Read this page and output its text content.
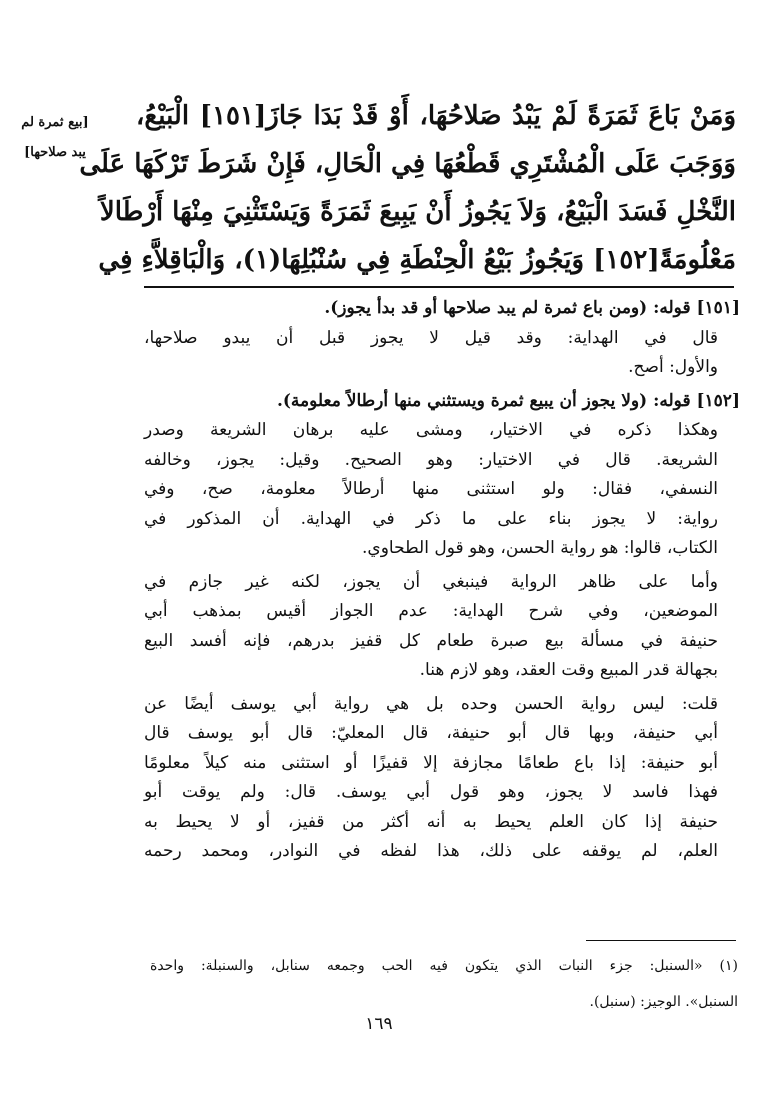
[بيع ثمرة لم
يبد صلاحها]
وَمَنْ بَاعَ ثَمَرَةً لَمْ يَبْدُ صَلاحُهَا، أَوْ قَدْ بَدَا جَازَ[١٥١] الْبَيْعُ،
وَوَجَبَ عَلَى الْمُشْتَرِي قَطْعُهَا فِي الْحَالِ، فَإِنْ شَرَطَ تَرْكَهَا عَلَى
النَّخْلِ فَسَدَ الْبَيْعُ، وَلاَ يَجُوزُ أَنْ يَبِيعَ ثَمَرَةً وَيَسْتَثْنِيَ مِنْهَا أَرْطَالاً
مَعْلُومَةً[١٥٢] وَيَجُوزُ بَيْعُ الْحِنْطَةِ فِي سُنْبُلِهَا(١)، وَالْبَاقِلاَّءِ فِي
[١٥١] قوله: (ومن باع ثمرة لم يبد صلاحها أو قد بدأ يجوز).
قال في الهداية: وقد قيل لا يجوز قبل أن يبدو صلاحها،
والأول: أصح.
[١٥٢] قوله: (ولا يجوز أن يبيع ثمرة ويستثني منها أرطالاً معلومة).
وهكذا ذكره في الاختيار، ومشى عليه برهان الشريعة وصدر
الشريعة. قال في الاختيار: وهو الصحيح. وقيل: يجوز، وخالفه
النسفي، فقال: ولو استثنى منها أرطالاً معلومة، صح، وفي
رواية: لا يجوز بناء على ما ذكر في الهداية. أن المذكور في
الكتاب، قالوا: هو رواية الحسن، وهو قول الطحاوي.
وأما على ظاهر الرواية فينبغي أن يجوز، لكنه غير جازم في
الموضعين، وفي شرح الهداية: عدم الجواز أقيس بمذهب أبي
حنيفة في مسألة بيع صبرة طعام كل قفيز بدرهم، فإنه أفسد البيع
بجهالة قدر المبيع وقت العقد، وهو لازم هنا.
قلت: ليس رواية الحسن وحده بل هي رواية أبي يوسف أيضًا عن
أبي حنيفة، وبها قال أبو حنيفة، قال المعليّ: قال أبو يوسف قال
أبو حنيفة: إذا باع طعامًا مجازفة إلا قفيزًا أو استثنى منه كيلاً معلومًا
فهذا فاسد لا يجوز، وهو قول أبي يوسف. قال: ولم يوقت أبو
حنيفة إذا كان العلم يحيط به أنه أكثر من قفيز، أو لا يحيط به
العلم، لم يوقفه على ذلك، هذا لفظه في النوادر، ومحمد رحمه
(١) «السنبل: جزء النبات الذي يتكون فيه الحب وجمعه سنابل، والسنبلة: واحدة
السنبل». الوجيز: (سنبل).
١٦٩
